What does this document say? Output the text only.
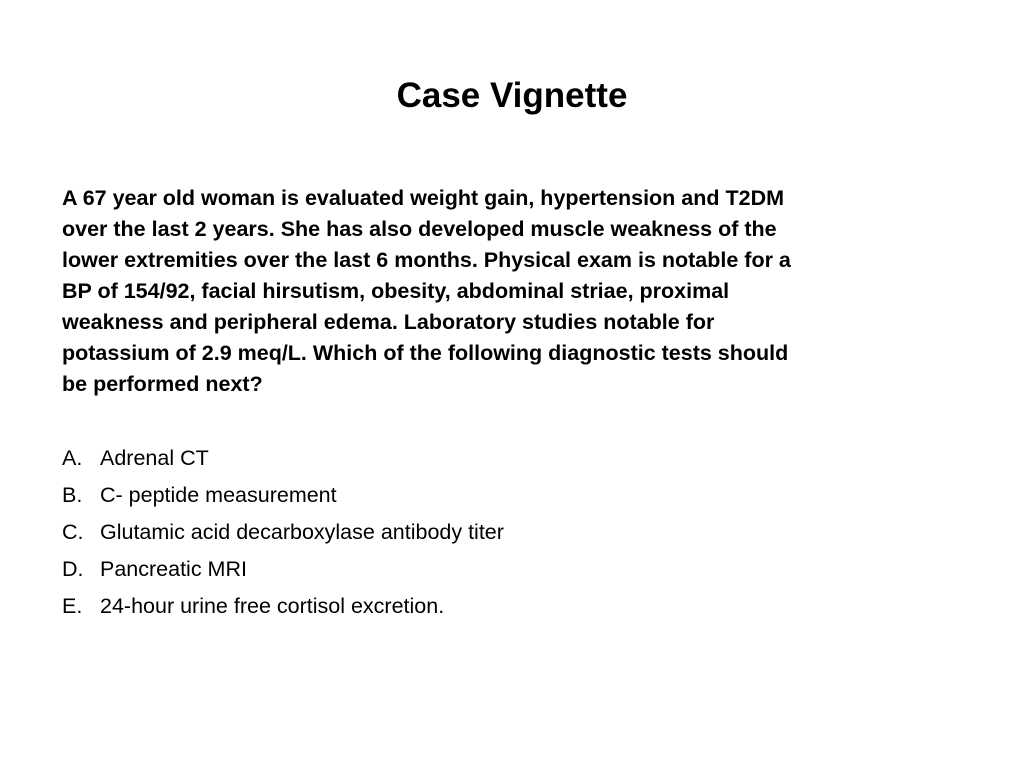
Case Vignette
A 67 year old woman is evaluated weight gain, hypertension and T2DM
over the last 2 years. She has also developed muscle weakness of the
lower extremities over the last 6 months. Physical exam is notable for a
BP of 154/92, facial hirsutism, obesity, abdominal striae, proximal
weakness and peripheral edema. Laboratory studies notable for
potassium of 2.9 meq/L. Which of the following diagnostic tests should
be performed next?
A. Adrenal CT
B. C- peptide measurement
C. Glutamic acid decarboxylase antibody titer
D. Pancreatic MRI
E. 24-hour urine free cortisol excretion.
